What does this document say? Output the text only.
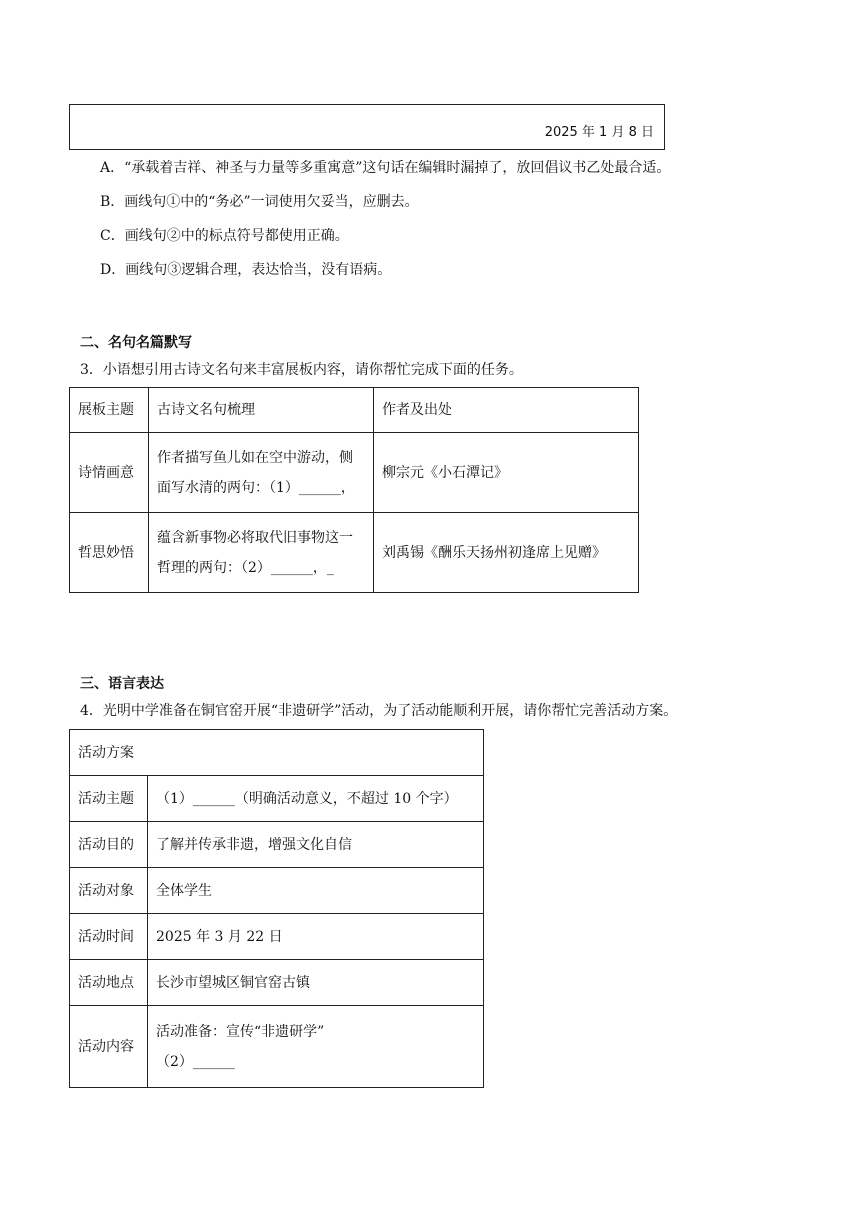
2025 年 1 月 8 日
A．“承载着吉祥、神圣与力量等多重寓意”这句话在编辑时漏掉了，放回倡议书乙处最合适。
B．画线句①中的“务必”一词使用欠妥当，应删去。
C．画线句②中的标点符号都使用正确。
D．画线句③逻辑合理，表达恰当，没有语病。
二、名句名篇默写
3．小语想引用古诗文名句来丰富展板内容，请你帮忙完成下面的任务。
展板主题	古诗文名句梳理	作者及出处
诗情画意	作者描写鱼儿如在空中游动，侧面写水清的两句：（1）______，	柳宗元《小石潭记》
哲思妙悟	蕴含新事物必将取代旧事物这一哲理的两句：（2）______，_	刘禹锡《酬乐天扬州初逢席上见赠》
三、语言表达
4．光明中学准备在铜官窑开展“非遗研学”活动，为了活动能顺利开展，请你帮忙完善活动方案。
活动方案	
活动主题	（1）______（明确活动意义，不超过 10 个字）
活动目的	了解并传承非遗，增强文化自信
活动对象	全体学生
活动时间	2025 年 3 月 22 日
活动地点	长沙市望城区铜官窑古镇
活动内容	活动准备：宣传“非遗研学”
（2）______
